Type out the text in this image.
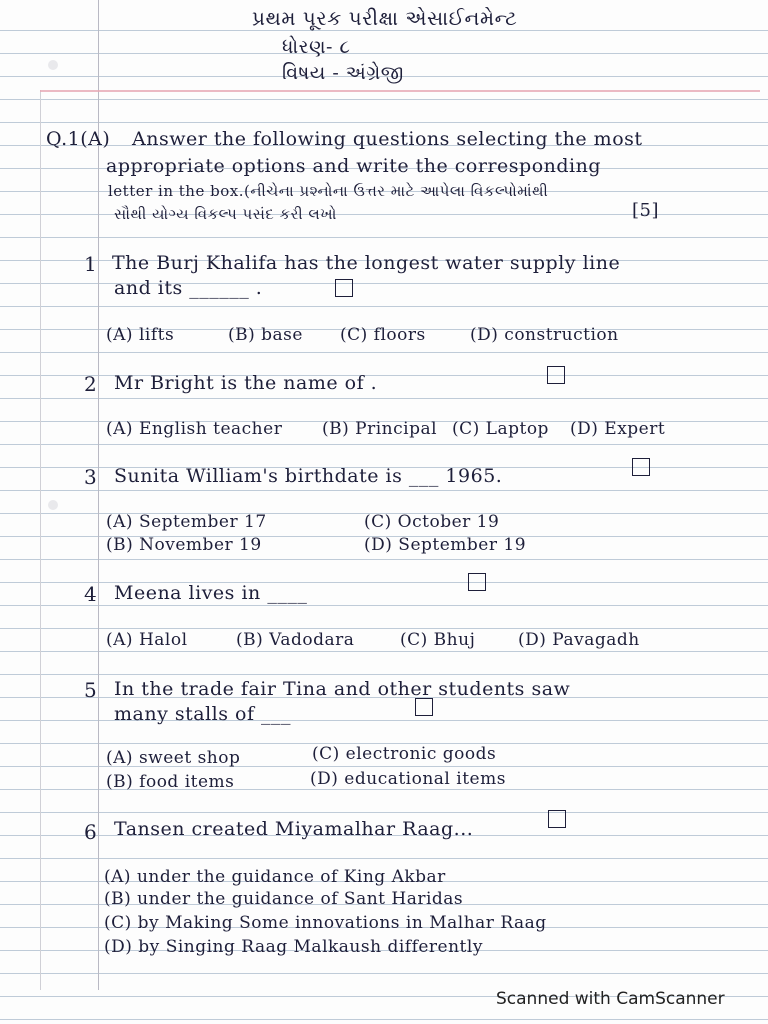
પ્રથમ પૂરક પરીક્ષા એસાઈનમેન્ટ
ધોરણ- ૮
વિષય - અંગ્રેજી
Q.1(A) Answer the following questions selecting the most
appropriate options and write the corresponding
letter in the box.(નીચેના પ્રશ્નોના ઉત્તર માટે આપેલા વિકલ્પોમાંથી
સૌથી યોગ્ય વિકલ્પ પસંદ કરી લખો	[5]
1 The Burj Khalifa has the longest water supply line
and its ______ .
(A) lifts	(B) base (C) floors	(D) construction
2 Mr Bright is the name of .
(A) English teacher (B) Principal (C) Laptop (D) Expert
3 Sunita William's birthdate is ___ 1965.
(A) September 17	(C) October 19
(B) November 19	(D) September 19
4 Meena lives in ____
(A) Halol	(B) Vadodara	(C) Bhuj	(D) Pavagadh
5 In the trade fair Tina and other students saw
many stalls of ___
(A) sweet shop	(C) electronic goods
(B) food items	(D) educational items
6 Tansen created Miyamalhar Raag...
(A) under the guidance of King Akbar
(B) under the guidance of Sant Haridas
(C) by Making Some innovations in Malhar Raag
(D) by Singing Raag Malkaush differently
Scanned with CamScanner
